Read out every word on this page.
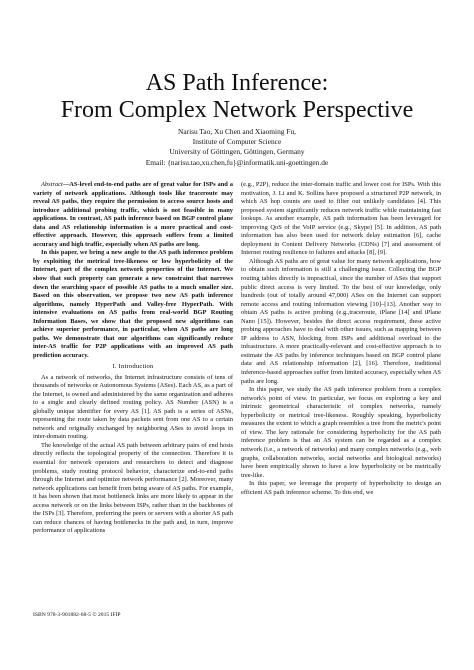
AS Path Inference:
From Complex Network Perspective
Narisu Tao, Xu Chen and Xiaoming Fu,
Institute of Computer Science
University of Göttingen, Göttingen, Germany
Email: {narisu.tao,xu.chen,fu}@informatik.uni-goettingen.de

Abstract—AS-level end-to-end paths are of great value for ISPs and a variety of network applications. Although tools like traceroute may reveal AS paths, they require the permission to access source hosts and introduce additional probing traffic, which is not feasible in many applications. In contrast, AS path inference based on BGP control plane data and AS relationship information is a more practical and cost-effective approach. However, this approach suffers from a limited accuracy and high traffic, especially when AS paths are long.

In this paper, we bring a new angle to the AS path inference problem by exploiting the metrical tree-likeness or low hyperbolicity of the Internet, part of the complex network properties of the Internet. We show that such property can generate a new constraint that narrows down the searching space of possible AS paths to a much smaller size. Based on this observation, we propose two new AS path inference algorithms, namely HyperPath and Valley-free HyperPath. With intensive evaluations on AS paths from real-world BGP Routing Information Bases, we show that the proposed new algorithms can achieve superior performance, in particular, when AS paths are long paths. We demonstrate that our algorithms can significantly reduce inter-AS traffic for P2P applications with an improved AS path prediction accuracy.

I. Introduction

As a network of networks, the Internet infrastructure consists of tens of thousands of networks or Autonomous Systems (ASes). Each AS, as a part of the Internet, is owned and administered by the same organization and adheres to a single and clearly defined routing policy. AS Number (ASN) is a globally unique identifier for every AS [1]. AS path is a series of ASNs, representing the route taken by data packets sent from one AS to a certain network and originally exchanged by neighboring ASes to avoid loops in inter-domain routing.

The knowledge of the actual AS path between arbitrary pairs of end hosts directly reflects the topological property of the connection. Therefore it is essential for network operators and researchers to detect and diagnose problems, study routing protocol behavior, characterize end-to-end paths through the Internet and optimize network performance [2]. Moreover, many network applications can benefit from being aware of AS paths. For example, it has been shown that most bottleneck links are more likely to appear in the access network or on the links between ISPs, rather than in the backbones of the ISPs [3]. Therefore, preferring the peers or servers with a shorter AS path can reduce chances of having bottlenecks in the path and, in turn, improve performance of applications

ISBN 978-3-901882-68-5 © 2015 IFIP

(e.g., P2P), reduce the inter-domain traffic and lower cost for ISPs. With this motivation, J. Li and K. Sollins have proposed a structured P2P network, in which AS hop counts are used to filter out unlikely candidates [4]. This proposed system significantly reduces network traffic while maintaining fast lookups. As another example, AS path information has been leveraged for improving QoS of the VoIP service (e.g., Skype) [5]. In addition, AS path information has also been used for network delay estimation [6], cache deployment in Content Delivery Networks (CDNs) [7] and assessment of Internet routing resilience to failures and attacks [8], [9].

Although AS paths are of great value for many network applications, how to obtain such information is still a challenging issue. Collecting the BGP routing tables directly is impractical, since the number of ASes that support public direct access is very limited. To the best of our knowledge, only hundreds (out of totally around 47,000) ASes on the Internet can support remote access and routing information viewing [10]–[13]. Another way to obtain AS paths is active probing (e.g.,traceroute, iPlane [14] and iPlane Nano [15]). However, besides the direct access requirement, these active probing approaches have to deal with other issues, such as mapping between IP address to ASN, blocking from ISPs and additional overload to the infrastructure. A more practically-relevant and cost-effective approach is to estimate the AS paths by inference techniques based on BGP control plane data and AS relationship information [2], [16]. Therefore, traditional inference-based approaches suffer from limited accuracy, especially when AS paths are long.

In this paper, we study the AS path inference problem from a complex network's point of view. In particular, we focus on exploring a key and intrinsic geometrical characteristic of complex networks, namely hyperbolicity or metrical tree-likeness. Roughly speaking, hyperbolicity measures the extent to which a graph resembles a tree from the metric's point of view. The key rationale for considering hyperbolicity for the AS path inference problem is that an AS system can be regarded as a complex network (i.e., a network of networks) and many complex networks (e.g., web graphs, collaboration networks, social networks and biological networks) have been empirically shown to have a low hyperbolicity or be metrically tree-like.

In this paper, we leverage the property of hyperbolicity to design an efficient AS path inference scheme. To this end, we
